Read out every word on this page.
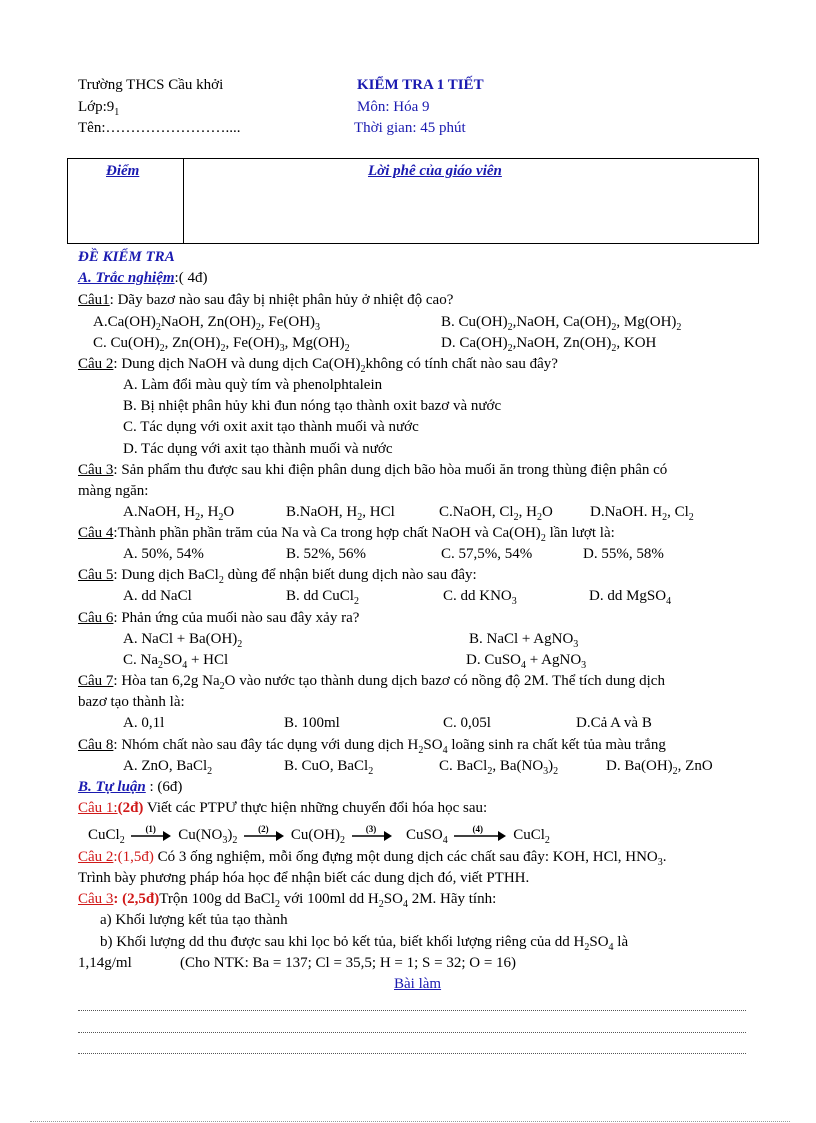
Trường THCS Cầu khởi
$Lớp:9_1$
Tên:……………………....
KIỂM TRA 1 TIẾT
Môn: Hóa 9
Thời gian: 45 phút
Điểm	Lời phê của giáo viên
ĐỀ KIỂM TRA
A. Trắc nghiệm:( 4đ)
Câu1: Dãy bazơ nào sau đây bị nhiệt phân hủy ở nhiệt độ cao?
$A.Ca(OH)_2NaOH$, $Zn(OH)_2$, $Fe(OH)_3$	B. $Cu(OH)_2,NaOH$, $Ca(OH)_2$, $Mg(OH)_2$
C. $Cu(OH)_2$, $Zn(OH)_2$, $Fe(OH)_3$, $Mg(OH)_2$	D. $Ca(OH)_2,NaOH$, $Zn(OH)_2$, KOH
Câu 2: Dung dịch NaOH và dung dịch $Ca(OH)_2không$ có tính chất nào sau đây?
A. Làm đổi màu quỳ tím và phenolphtalein
B. Bị nhiệt phân hủy khi đun nóng tạo thành oxit bazơ và nước
C. Tác dụng với oxit axit tạo thành muối và nước
D. Tác dụng với axit tạo thành muối và nước
Câu 3: Sản phẩm thu được sau khi điện phân dung dịch bão hòa muối ăn trong thùng điện phân có
màng ngăn:
A.NaOH, $H_2$, $H_2O$	B.NaOH, $H_2$, HCl	C.NaOH, $Cl_2$, $H_2O$ D.NaOH. $H_2$, $Cl_2$
Câu 4:Thành phần phần trăm của Na và Ca trong hợp chất NaOH và $Ca(OH)_2$ lần lượt là:
A. 50%, 54%	B. 52%, 56%	C. 57,5%, 54%	D. 55%, 58%
Câu 5: Dung dịch BaCl$_2$ dùng để nhận biết dung dịch nào sau đây:
A. dd NaCl	B. dd CuCl$_2$	C. dd $KNO_3$	D. dd MgSO$_4$
Câu 6: Phản ứng của muối nào sau đây xảy ra?
A. NaCl + $Ba(OH)_2$	B. NaCl + AgNO$_3$
C. $Na_2SO_4$ + HCl	D. CuSO$_4$ + AgNO$_3$
Câu 7: Hòa tan 6,2g $Na_2O$ vào nước tạo thành dung dịch bazơ có nồng độ 2M. Thể tích dung dịch
bazơ tạo thành là:
A. 0,1l	B. 100ml	C. 0,05l	D.Cả A và B
Câu 8: Nhóm chất nào sau đây tác dụng với dung dịch $H_2SO_4$ loãng sinh ra chất kết tủa màu trắng
A. ZnO, BaCl$_2$	B. CuO, BaCl$_2$	C. BaCl$_2$, $Ba(NO_3)_2$	D. $Ba(OH)_2$, ZnO
B. Tự luận : (6đ)
Câu 1:(2đ) Viết các PTPƯ thực hiện những chuyển đổi hóa học sau:
CuCl$_2$
(1) $Cu(NO_3)_2$
(2) $Cu(OH)_2$
(3) CuSO$_4$
(4) CuCl$_2$
Câu 2:(1,5đ) Có 3 ống nghiệm, mỗi ống đựng một dung dịch các chất sau đây: KOH, HCl, $HNO_3$.
Trình bày phương pháp hóa học để nhận biết các dung dịch đó, viết PTHH.
Câu 3: (2,5đ)Trộn 100g dd BaCl$_2$ với 100ml dd $H_2SO_4$ 2M. Hãy tính:
a) Khối lượng kết tủa tạo thành
b) Khối lượng dd thu được sau khi lọc bỏ kết tủa, biết khối lượng riêng của dd $H_2SO_4$ là
1,14g/ml	(Cho NTK: Ba = 137; Cl = 35,5; H = 1; S = 32; O = 16)
Bài làm
